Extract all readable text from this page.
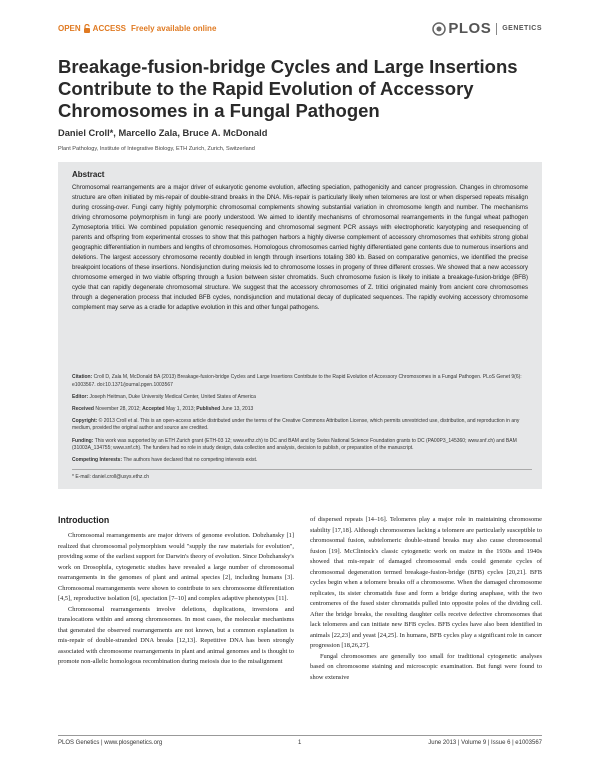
OPEN ACCESS Freely available online	PLOS GENETICS
Breakage-fusion-bridge Cycles and Large Insertions Contribute to the Rapid Evolution of Accessory Chromosomes in a Fungal Pathogen
Daniel Croll*, Marcello Zala, Bruce A. McDonald
Plant Pathology, Institute of Integrative Biology, ETH Zurich, Zurich, Switzerland
Abstract
Chromosomal rearrangements are a major driver of eukaryotic genome evolution, affecting speciation, pathogenicity and cancer progression. Changes in chromosome structure are often initiated by mis-repair of double-strand breaks in the DNA. Mis-repair is particularly likely when telomeres are lost or when dispersed repeats misalign during crossing-over. Fungi carry highly polymorphic chromosomal complements showing substantial variation in chromosome length and number. The mechanisms driving chromosome polymorphism in fungi are poorly understood. We aimed to identify mechanisms of chromosomal rearrangements in the fungal wheat pathogen Zymoseptoria tritici. We combined population genomic resequencing and chromosomal segment PCR assays with electrophoretic karyotyping and resequencing of parents and offspring from experimental crosses to show that this pathogen harbors a highly diverse complement of accessory chromosomes that exhibits strong global geographic differentiation in numbers and lengths of chromosomes. Homologous chromosomes carried highly differentiated gene contents due to numerous insertions and deletions. The largest accessory chromosome recently doubled in length through insertions totaling 380 kb. Based on comparative genomics, we identified the precise breakpoint locations of these insertions. Nondisjunction during meiosis led to chromosome losses in progeny of three different crosses. We showed that a new accessory chromosome emerged in two viable offspring through a fusion between sister chromatids. Such chromosome fusion is likely to initiate a breakage-fusion-bridge (BFB) cycle that can rapidly degenerate chromosomal structure. We suggest that the accessory chromosomes of Z. tritici originated mainly from ancient core chromosomes through a degeneration process that included BFB cycles, nondisjunction and mutational decay of duplicated sequences. The rapidly evolving accessory chromosome complement may serve as a cradle for adaptive evolution in this and other fungal pathogens.

Citation: Croll D, Zala M, McDonald BA (2013) Breakage-fusion-bridge Cycles and Large Insertions Contribute to the Rapid Evolution of Accessory Chromosomes in a Fungal Pathogen. PLoS Genet 9(6): e1003567. doi:10.1371/journal.pgen.1003567

Editor: Joseph Heitman, Duke University Medical Center, United States of America

Received November 28, 2012; Accepted May 1, 2013; Published June 13, 2013

Copyright: © 2013 Croll et al. This is an open-access article distributed under the terms of the Creative Commons Attribution License, which permits unrestricted use, distribution, and reproduction in any medium, provided the original author and source are credited.

Funding: This work was supported by an ETH Zurich grant (ETH-03 12; www.ethz.ch) to DC and BAM and by Swiss National Science Foundation grants to DC (PA00P3_145360; www.snf.ch) and BAM (31003A_134755; www.snf.ch). The funders had no role in study design, data collection and analysis, decision to publish, or preparation of the manuscript.

Competing Interests: The authors have declared that no competing interests exist.

* E-mail: daniel.croll@usys.ethz.ch

Introduction

Chromosomal rearrangements are major drivers of genome evolution. Dobzhansky [1] realized that chromosomal polymorphism would "supply the raw materials for evolution", providing some of the earliest support for Darwin's theory of evolution. Since Dobzhansky's work on Drosophila, cytogenetic studies have revealed a large number of chromosomal rearrangements in the genomes of plant and animal species [2], including humans [3]. Chromosomal rearrangements were shown to contribute to sex chromosome differentiation [4,5], reproductive isolation [6], speciation [7–10] and complex adaptive phenotypes [11].

Chromosomal rearrangements involve deletions, duplications, inversions and translocations within and among chromosomes. In most cases, the molecular mechanisms that generated the observed rearrangements are not known, but a common explanation is mis-repair of double-stranded DNA breaks [12,13]. Repetitive DNA has been strongly associated with chromosome rearrangements in plant and animal genomes and is thought to promote non-allelic homologous recombination during meiosis due to the misalignment

of dispersed repeats [14–16]. Telomeres play a major role in maintaining chromosome stability [17,18]. Although chromosomes lacking a telomere are particularly susceptible to chromosomal fusion, subtelomeric double-strand breaks may also cause chromosomal fusion [19]. McClintock's classic cytogenetic work on maize in the 1930s and 1940s showed that mis-repair of damaged chromosomal ends could generate cycles of chromosomal degeneration termed breakage-fusion-bridge (BFB) cycles [20,21]. BFB cycles begin when a telomere breaks off a chromosome. When the damaged chromosome replicates, its sister chromatids fuse and form a bridge during anaphase, with the two centromeres of the fused sister chromatids pulled into opposite poles of the dividing cell. After the bridge breaks, the resulting daughter cells receive defective chromosomes that lack telomeres and can initiate new BFB cycles. BFB cycles have also been identified in animals [22,23] and yeast [24,25]. In humans, BFB cycles play a significant role in cancer progression [18,26,27].

Fungal chromosomes are generally too small for traditional cytogenetic analyses based on chromosome staining and microscopic examination. But fungi were found to show extensive

PLOS Genetics | www.plosgenetics.org	1	June 2013 | Volume 9 | Issue 6 | e1003567
